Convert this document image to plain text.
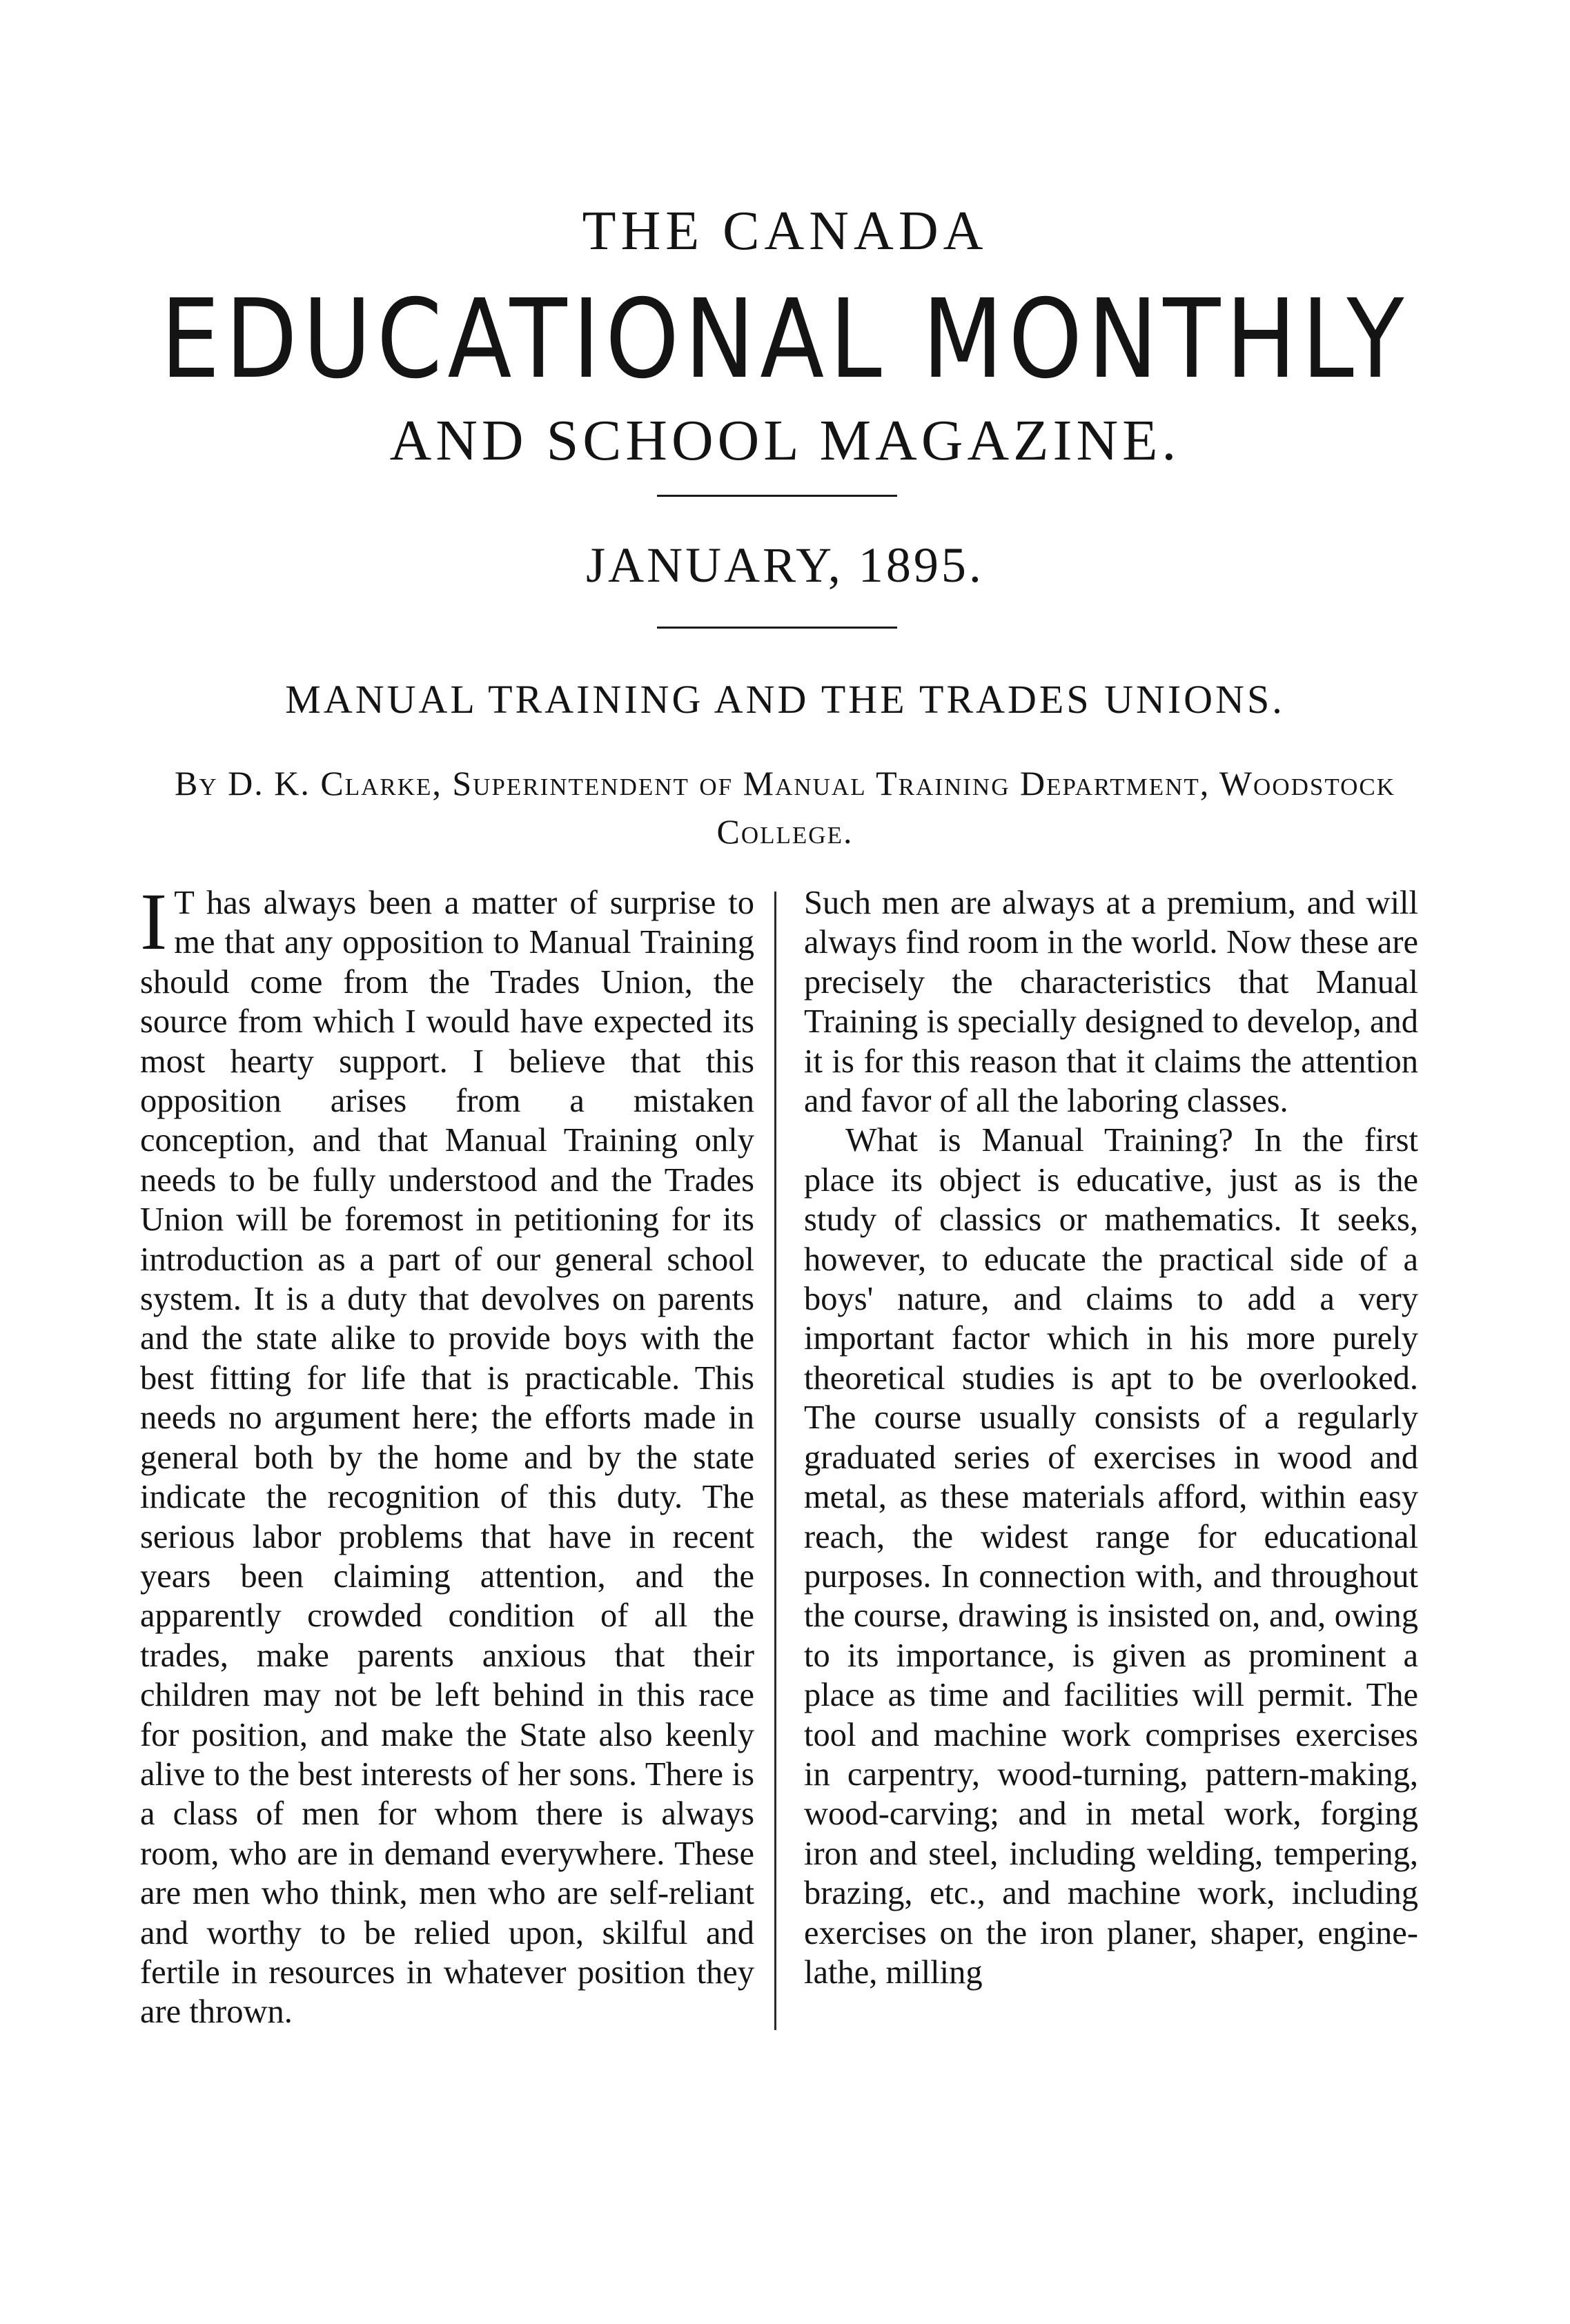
THE CANADA
EDUCATIONAL MONTHLY
AND SCHOOL MAGAZINE.
JANUARY, 1895.
MANUAL TRAINING AND THE TRADES UNIONS.
By D. K. Clarke, Superintendent of Manual Training Department, Woodstock College.

I T has always been a matter of surprise to me that any opposition to Manual Training should come from the Trades Union, the source from which I would have expected its most hearty support. I believe that this opposition arises from a mistaken conception, and that Manual Training only needs to be fully understood and the Trades Union will be foremost in petitioning for its introduction as a part of our general school system. It is a duty that devolves on parents and the state alike to provide boys with the best fitting for life that is practicable. This needs no argument here; the efforts made in general both by the home and by the state indicate the recognition of this duty. The serious labor problems that have in recent years been claiming attention, and the apparently crowded condition of all the trades, make parents anxious that their children may not be left behind in this race for position, and make the State also keenly alive to the best interests of her sons. There is a class of men for whom there is always room, who are in demand everywhere. These are men who think, men who are self-reliant and worthy to be relied upon, skilful and fertile in resources in whatever position they are thrown.

Such men are always at a premium, and will always find room in the world. Now these are precisely the characteristics that Manual Training is specially designed to develop, and it is for this reason that it claims the attention and favor of all the laboring classes.

What is Manual Training? In the first place its object is educative, just as is the study of classics or mathematics. It seeks, however, to educate the practical side of a boys' nature, and claims to add a very important factor which in his more purely theoretical studies is apt to be overlooked. The course usually consists of a regularly graduated series of exercises in wood and metal, as these materials afford, within easy reach, the widest range for educational purposes. In connection with, and throughout the course, drawing is insisted on, and, owing to its importance, is given as prominent a place as time and facilities will permit. The tool and machine work comprises exercises in carpentry, wood-turning, pattern-making, wood-carving; and in metal work, forging iron and steel, including welding, tempering, brazing, etc., and machine work, including exercises on the iron planer, shaper, engine-lathe, milling
